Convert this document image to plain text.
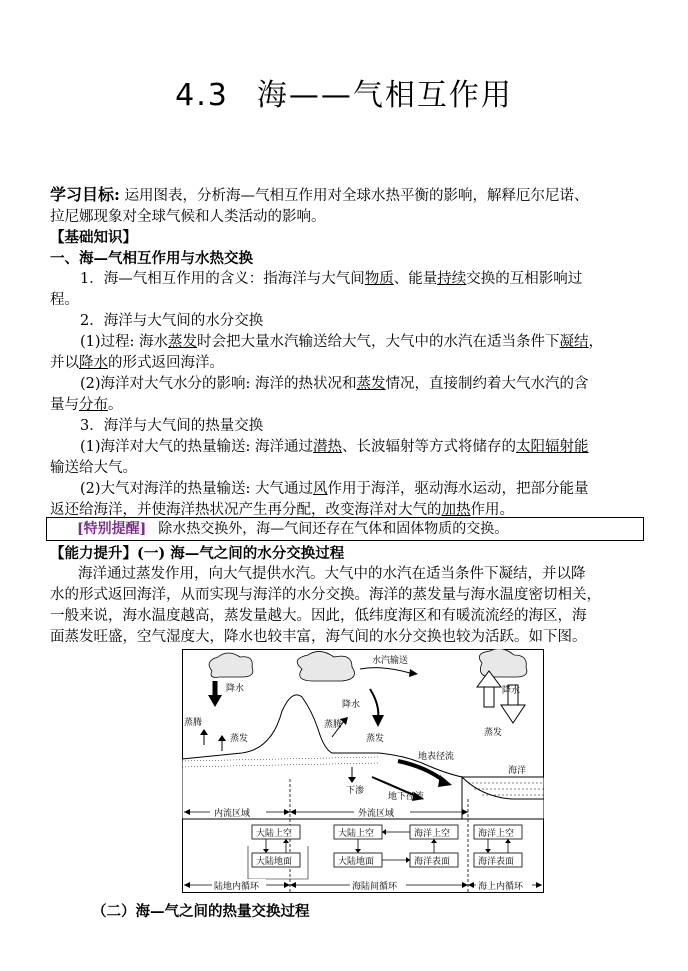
4.3 海——气相互作用
学习目标: 运用图表，分析海—气相互作用对全球水热平衡的影响，解释厄尔尼诺、
拉尼娜现象对全球气候和人类活动的影响。
【基础知识】
一、海—气相互作用与水热交换
1．海—气相互作用的含义：指海洋与大气间物质、能量持续交换的互相影响过
程。
2．海洋与大气间的水分交换
(1)过程: 海水蒸发时会把大量水汽输送给大气，大气中的水汽在适当条件下凝结，
并以降水的形式返回海洋。
(2)海洋对大气水分的影响: 海洋的热状况和蒸发情况，直接制约着大气水汽的含
量与分布。
3．海洋与大气间的热量交换
(1)海洋对大气的热量输送: 海洋通过潜热、长波辐射等方式将储存的太阳辐射能
输送给大气。
(2)大气对海洋的热量输送: 大气通过风作用于海洋，驱动海水运动，把部分能量
返还给海洋，并使海洋热状况产生再分配，改变海洋对大气的加热作用。
[特别提醒] 除水热交换外，海—气间还存在气体和固体物质的交换。
【能力提升】(一) 海—气之间的水分交换过程
海洋通过蒸发作用，向大气提供水汽。大气中的水汽在适当条件下凝结，并以降
水的形式返回海洋，从而实现与海洋的水分交换。海洋的蒸发量与海水温度密切相关，
一般来说，海水温度越高，蒸发量越大。因此，低纬度海区和有暖流流经的海区，海
面蒸发旺盛，空气湿度大，降水也较丰富，海气间的水分交换也较为活跃。如下图。
降水	降水
蒸发
水汽输送
海洋
蒸腾
蒸发
降水
蒸腾
蒸发
地表径流
下渗
地下径流
内流区域	外流区域
大陆上空
大陆地面
大陆上空
大陆地面
海洋上空
海洋表面
海洋上空
海洋表面
陆地内循环	海陆间循环	海上内循环
（二）海—气之间的热量交换过程
